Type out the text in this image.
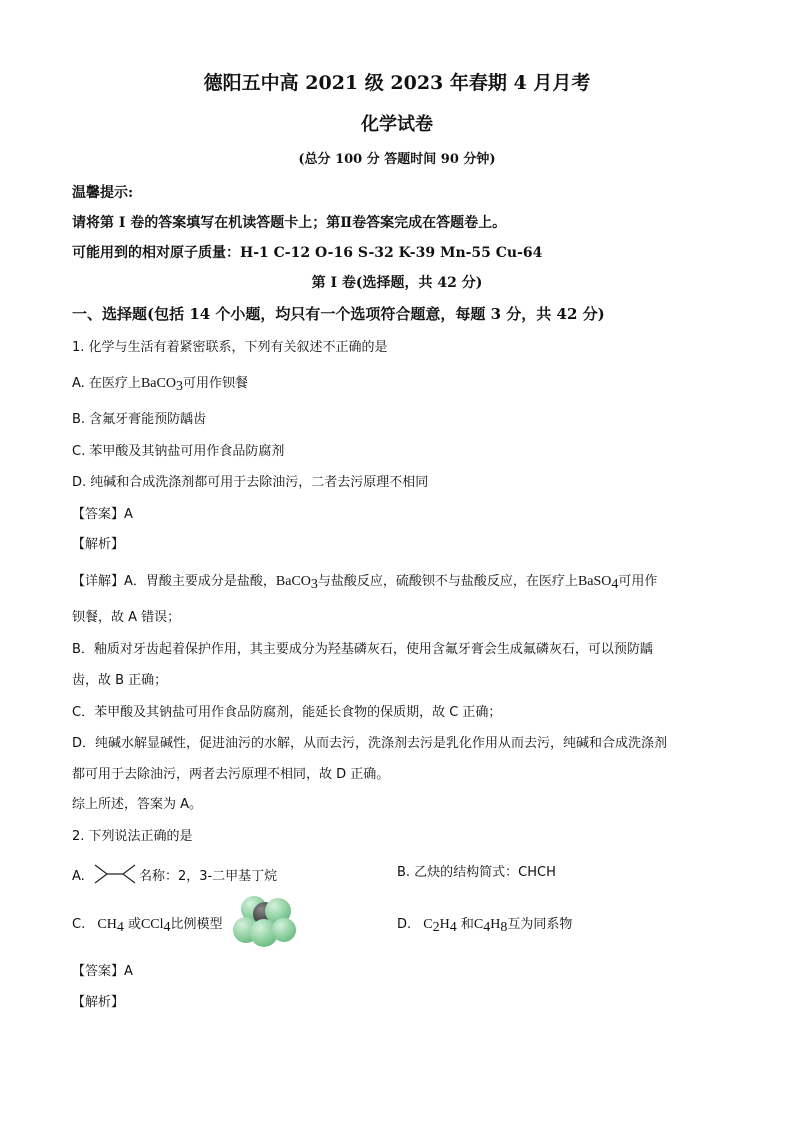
德阳五中高 2021 级 2023 年春期 4 月月考
化学试卷
(总分 100 分 答题时间 90 分钟)
温馨提示:
请将第 I 卷的答案填写在机读答题卡上；第Ⅱ卷答案完成在答题卷上。
可能用到的相对原子质量：H-1 C-12 O-16 S-32 K-39 Mn-55 Cu-64
第 I 卷(选择题，共 42 分)
一、选择题(包括 14 个小题，均只有一个选项符合题意，每题 3 分，共 42 分)
1. 化学与生活有着紧密联系，下列有关叙述不正确的是
A. 在医疗上BaCO$_3$可用作钡餐
B. 含氟牙膏能预防龋齿
C. 苯甲酸及其钠盐可用作食品防腐剂
D. 纯碱和合成洗涤剂都可用于去除油污，二者去污原理不相同
【答案】A
【解析】
【详解】A．胃酸主要成分是盐酸，BaCO$_3$与盐酸反应，硫酸钡不与盐酸反应，在医疗上BaSO$_4$可用作
钡餐，故 A 错误；
B．釉质对牙齿起着保护作用，其主要成分为羟基磷灰石，使用含氟牙膏会生成氟磷灰石，可以预防龋
齿，故 B 正确；
C．苯甲酸及其钠盐可用作食品防腐剂，能延长食物的保质期，故 C 正确；
D．纯碱水解显碱性，促进油污的水解，从而去污，洗涤剂去污是乳化作用从而去污，纯碱和合成洗涤剂
都可用于去除油污，两者去污原理不相同，故 D 正确。
综上所述，答案为 A。
2. 下列说法正确的是
A.	名称：2，3-二甲基丁烷	B. 乙炔的结构简式：CHCH
C. $CH_4$ 或CCl$_4$比例模型	D. $C_2H_4$ 和$C_4H_8$互为同系物
【答案】A
【解析】
